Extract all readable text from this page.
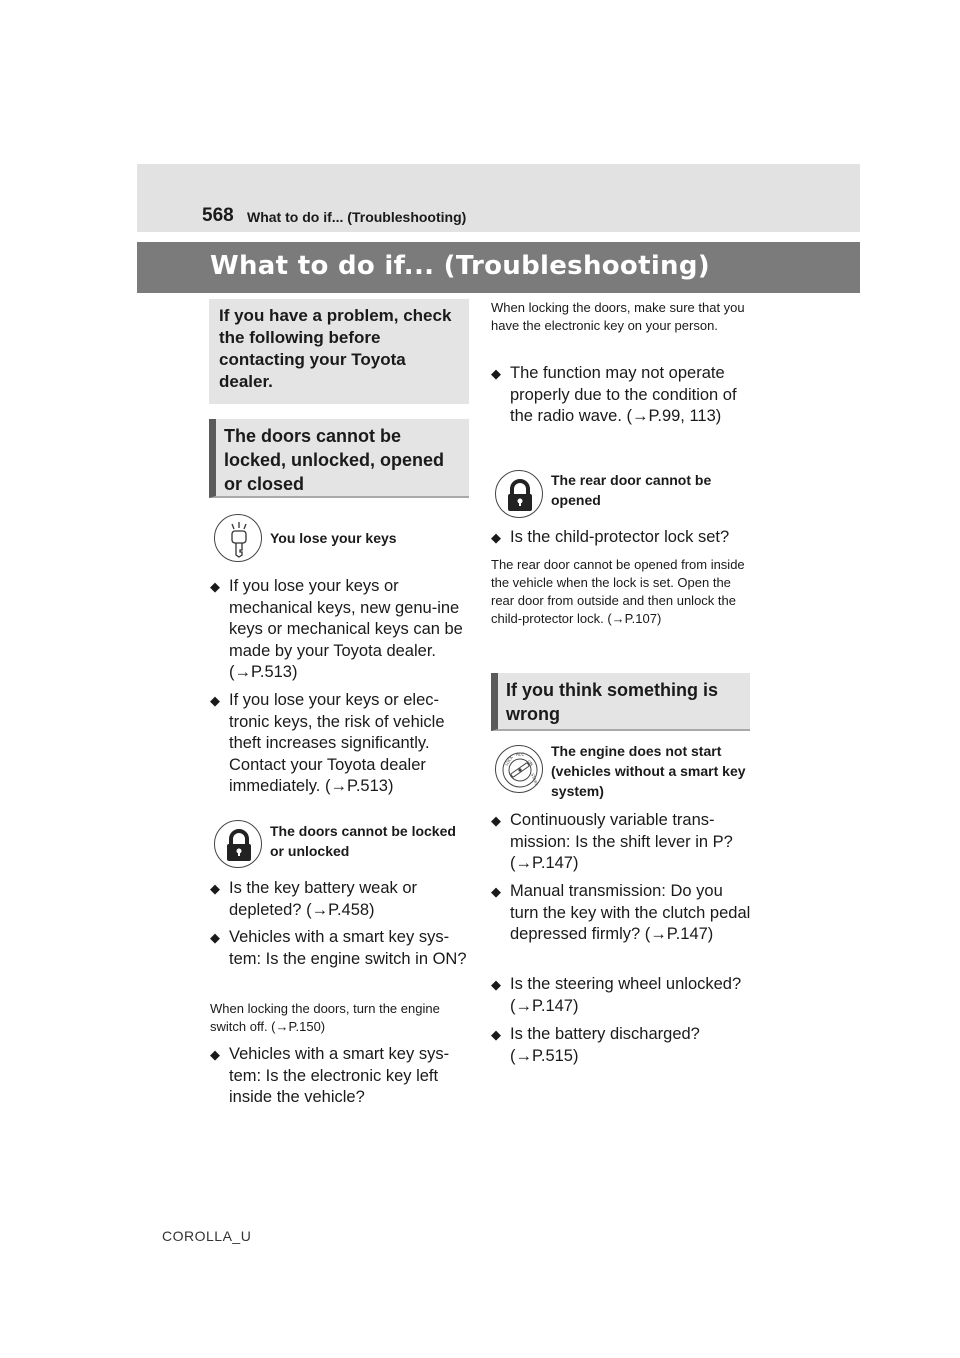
568 What to do if... (Troubleshooting)
What to do if... (Troubleshooting)
If you have a problem, check the following before contacting your Toyota dealer.
The doors cannot be locked, unlocked, opened or closed
You lose your keys
◆ If you lose your keys or mechanical keys, new genu-ine keys or mechanical keys can be made by your Toyota dealer. (→P.513)
◆ If you lose your keys or elec-tronic keys, the risk of vehicle theft increases significantly. Contact your Toyota dealer immediately. (→P.513)
The doors cannot be locked or unlocked
◆ Is the key battery weak or depleted? (→P.458)
◆ Vehicles with a smart key sys-tem: Is the engine switch in ON?
When locking the doors, turn the engine switch off. (→P.150)
◆ Vehicles with a smart key sys-tem: Is the electronic key left inside the vehicle?
When locking the doors, make sure that you have the electronic key on your person.
◆ The function may not operate properly due to the condition of the radio wave. (→P.99, 113)
The rear door cannot be opened
◆ Is the child-protector lock set?
The rear door cannot be opened from inside the vehicle when the lock is set. Open the rear door from outside and then unlock the child-protector lock. (→P.107)
If you think something is wrong
LOCK
ACC
ON
START
The engine does not start (vehicles without a smart key system)
◆ Continuously variable trans-mission: Is the shift lever in P? (→P.147)
◆ Manual transmission: Do you turn the key with the clutch pedal depressed firmly? (→P.147)
◆ Is the steering wheel unlocked? (→P.147)
◆ Is the battery discharged? (→P.515)
COROLLA_U
